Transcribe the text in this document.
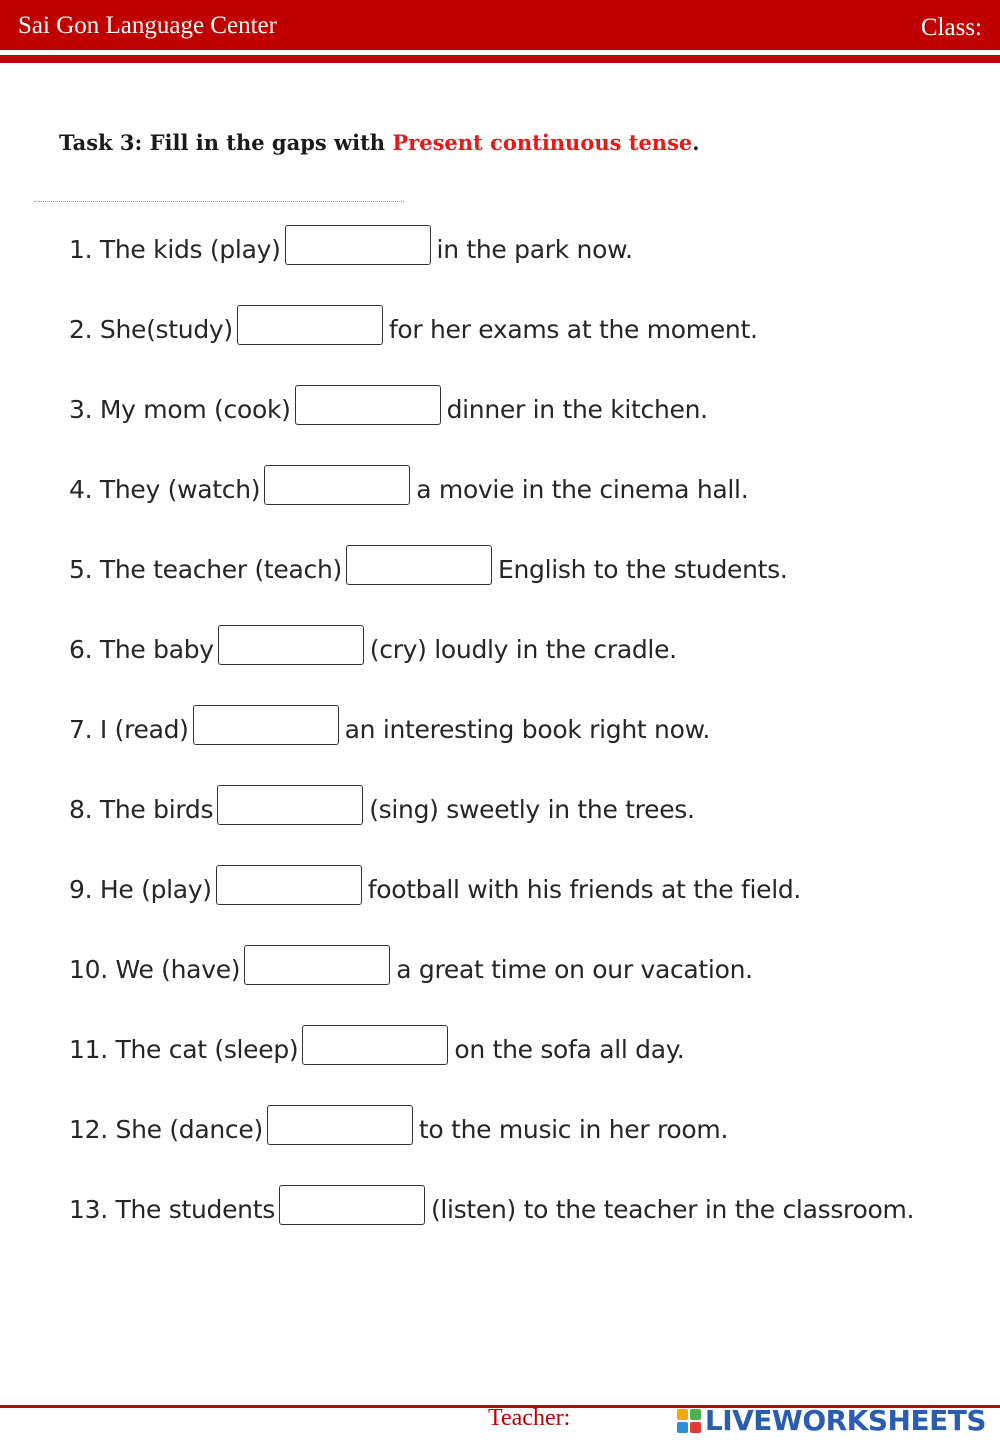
Sai Gon Language Center	Class:
Task 3: Fill in the gaps with Present continuous tense.
1. The kids (play)	in the park now.
2. She(study)	for her exams at the moment.
3. My mom (cook)	dinner in the kitchen.
4. They (watch)	a movie in the cinema hall.
5. The teacher (teach)	English to the students.
6. The baby	(cry) loudly in the cradle.
7. I (read)	an interesting book right now.
8. The birds	(sing) sweetly in the trees.
9. He (play)	football with his friends at the field.
10. We (have)	a great time on our vacation.
11. The cat (sleep)	on the sofa all day.
12. She (dance)	to the music in her room.
13. The students	(listen) to the teacher in the classroom.
Teacher:	LIVEWORKSHEETS
